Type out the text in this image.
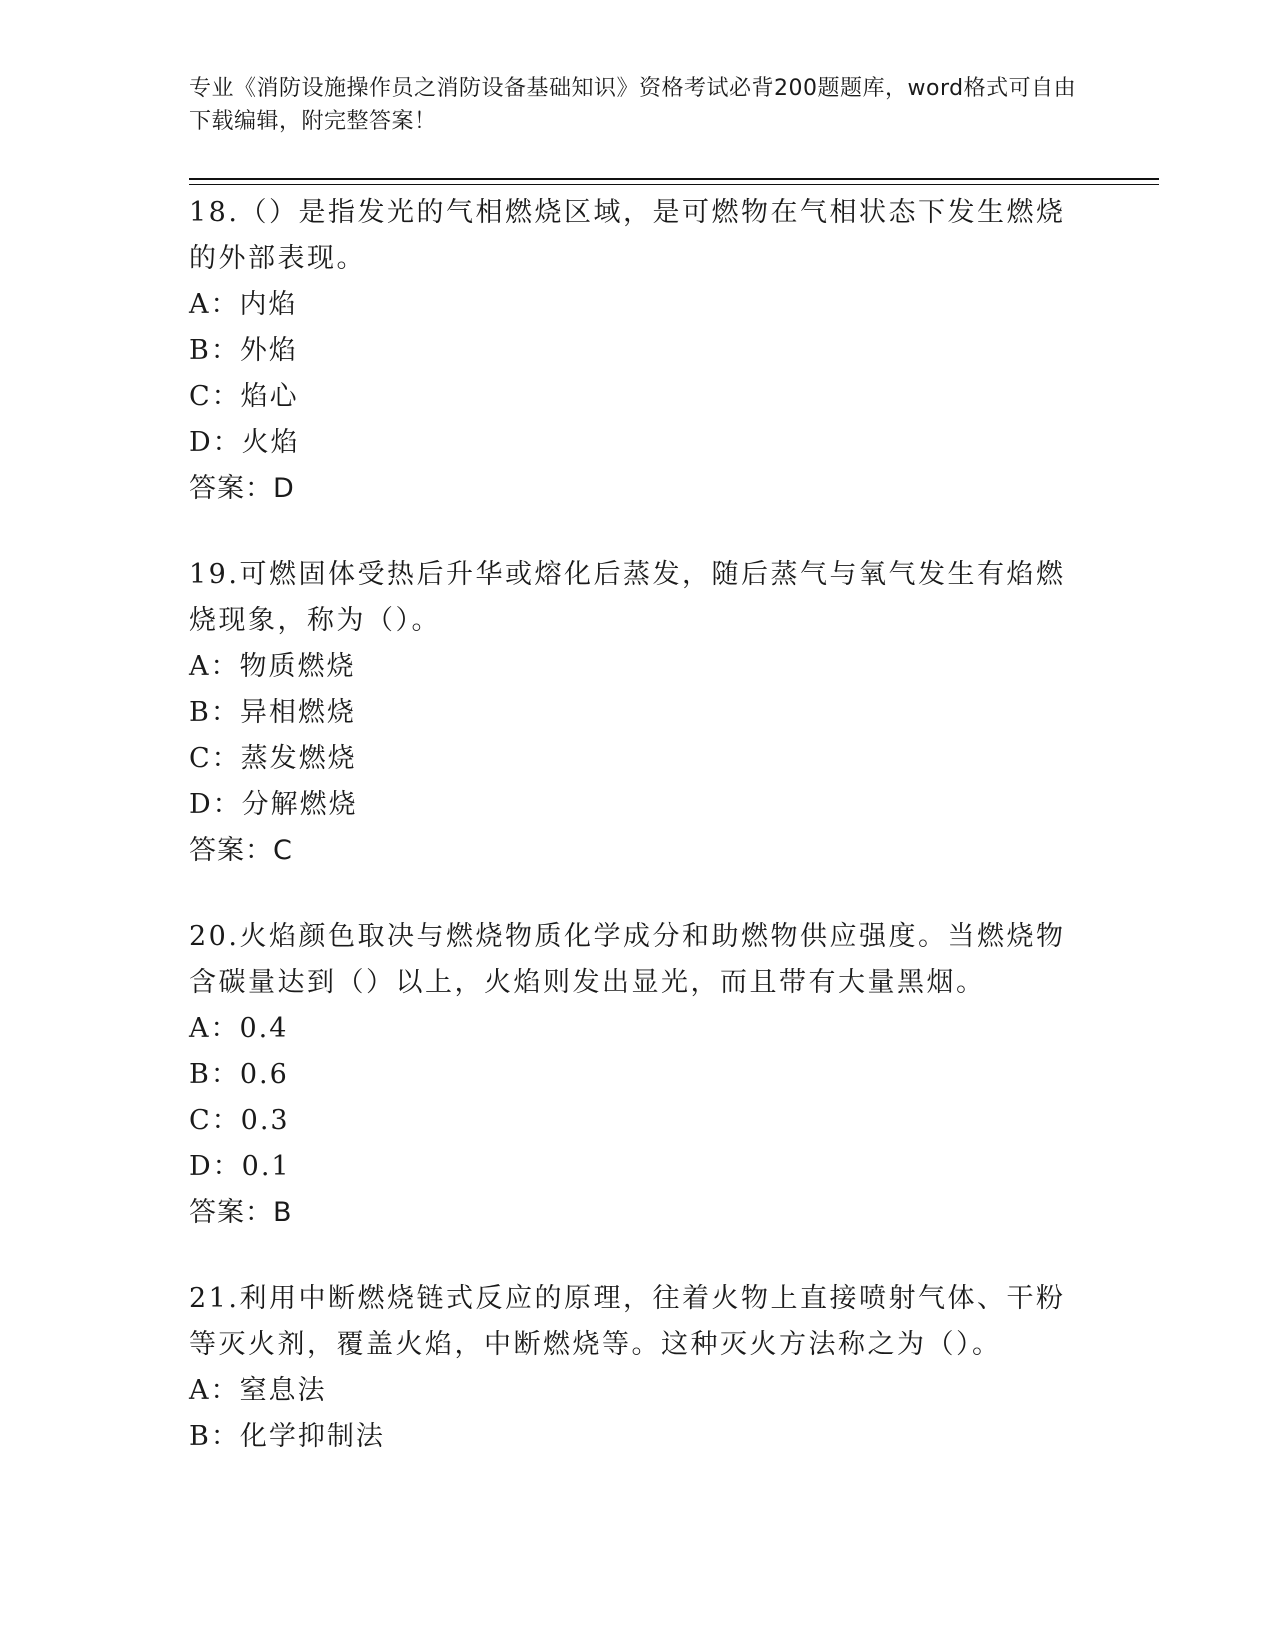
专业《消防设施操作员之消防设备基础知识》资格考试必背200题题库，word格式可自由下载编辑，附完整答案！

18.（）是指发光的气相燃烧区域，是可燃物在气相状态下发生燃烧的外部表现。

A：内焰
B：外焰
C：焰心
D：火焰

答案：D

19.可燃固体受热后升华或熔化后蒸发，随后蒸气与氧气发生有焰燃烧现象，称为（）。

A：物质燃烧
B：异相燃烧
C：蒸发燃烧
D：分解燃烧

答案：C

20.火焰颜色取决与燃烧物质化学成分和助燃物供应强度。当燃烧物含碳量达到（）以上，火焰则发出显光，而且带有大量黑烟。

A：0.4
B：0.6
C：0.3
D：0.1

答案：B

21.利用中断燃烧链式反应的原理，往着火物上直接喷射气体、干粉等灭火剂，覆盖火焰，中断燃烧等。这种灭火方法称之为（）。

A：窒息法
B：化学抑制法
